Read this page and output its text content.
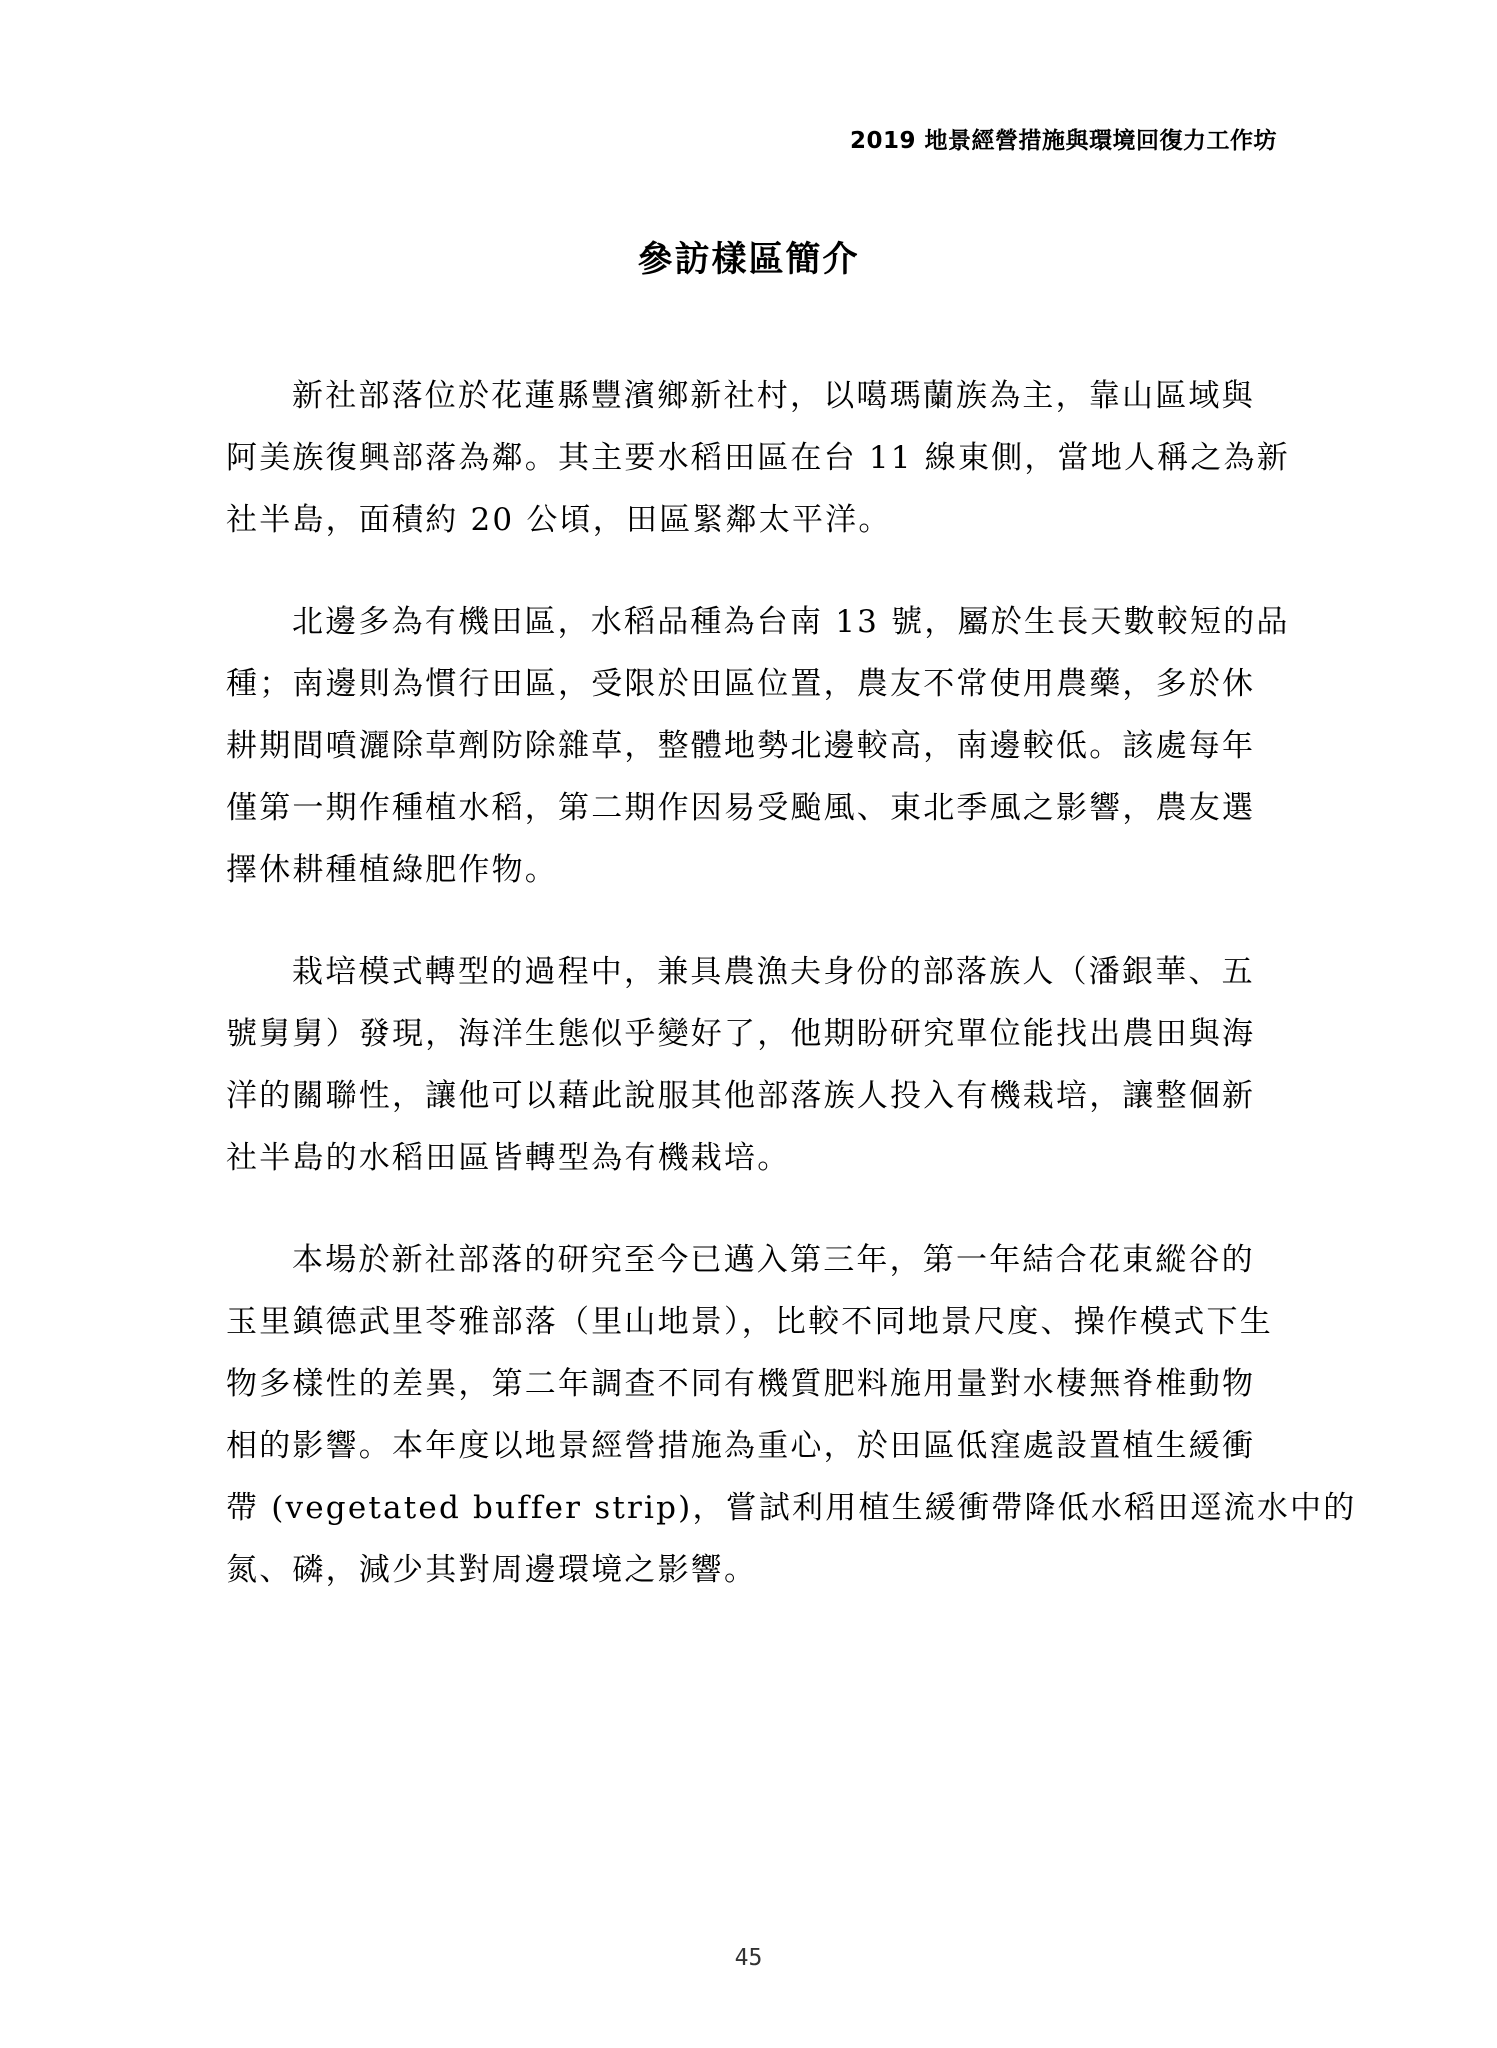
2019 地景經營措施與環境回復力工作坊
參訪樣區簡介

新社部落位於花蓮縣豐濱鄉新社村，以噶瑪蘭族為主，靠山區域與
阿美族復興部落為鄰。其主要水稻田區在台 11 線東側，當地人稱之為新
社半島，面積約 20 公頃，田區緊鄰太平洋。

北邊多為有機田區，水稻品種為台南 13 號，屬於生長天數較短的品
種；南邊則為慣行田區，受限於田區位置，農友不常使用農藥，多於休
耕期間噴灑除草劑防除雜草，整體地勢北邊較高，南邊較低。該處每年
僅第一期作種植水稻，第二期作因易受颱風、東北季風之影響，農友選
擇休耕種植綠肥作物。

栽培模式轉型的過程中，兼具農漁夫身份的部落族人（潘銀華、五
號舅舅）發現，海洋生態似乎變好了，他期盼研究單位能找出農田與海
洋的關聯性，讓他可以藉此說服其他部落族人投入有機栽培，讓整個新
社半島的水稻田區皆轉型為有機栽培。

本場於新社部落的研究至今已邁入第三年，第一年結合花東縱谷的
玉里鎮德武里苓雅部落（里山地景），比較不同地景尺度、操作模式下生
物多樣性的差異，第二年調查不同有機質肥料施用量對水棲無脊椎動物
相的影響。本年度以地景經營措施為重心，於田區低窪處設置植生緩衝
帶 (vegetated buffer strip)，嘗試利用植生緩衝帶降低水稻田逕流水中的
氮、磷，減少其對周邊環境之影響。

45
